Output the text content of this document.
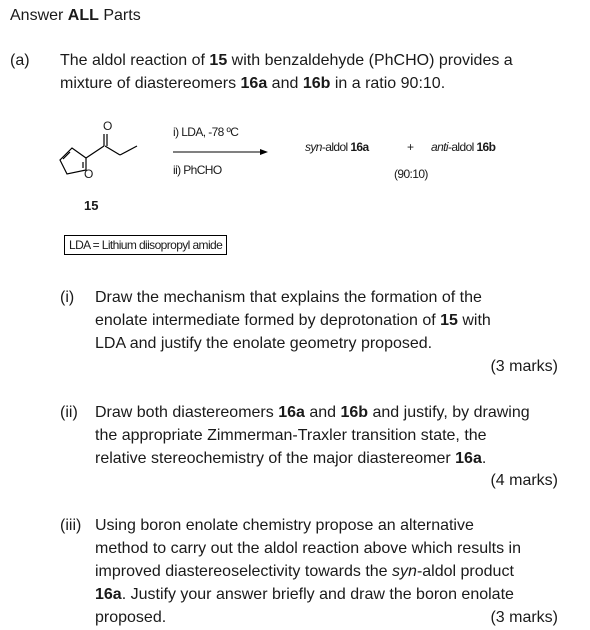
Answer ALL Parts
(a) The aldol reaction of 15 with benzaldehyde (PhCHO) provides a
mixture of diastereomers 16a and 16b in a ratio 90:10.
O
O
15
i) LDA, -78 ºC
ii) PhCHO
syn-aldol 16a	+ anti-aldol 16b
(90:10)
LDA = Lithium diisopropyl amide
(i) Draw the mechanism that explains the formation of the
enolate intermediate formed by deprotonation of 15 with
LDA and justify the enolate geometry proposed.
(3 marks)
(ii) Draw both diastereomers 16a and 16b and justify, by drawing
the appropriate Zimmerman-Traxler transition state, the
relative stereochemistry of the major diastereomer 16a.
(4 marks)
(iii) Using boron enolate chemistry propose an alternative
method to carry out the aldol reaction above which results in
improved diastereoselectivity towards the syn-aldol product
16a. Justify your answer briefly and draw the boron enolate
proposed.	(3 marks)
